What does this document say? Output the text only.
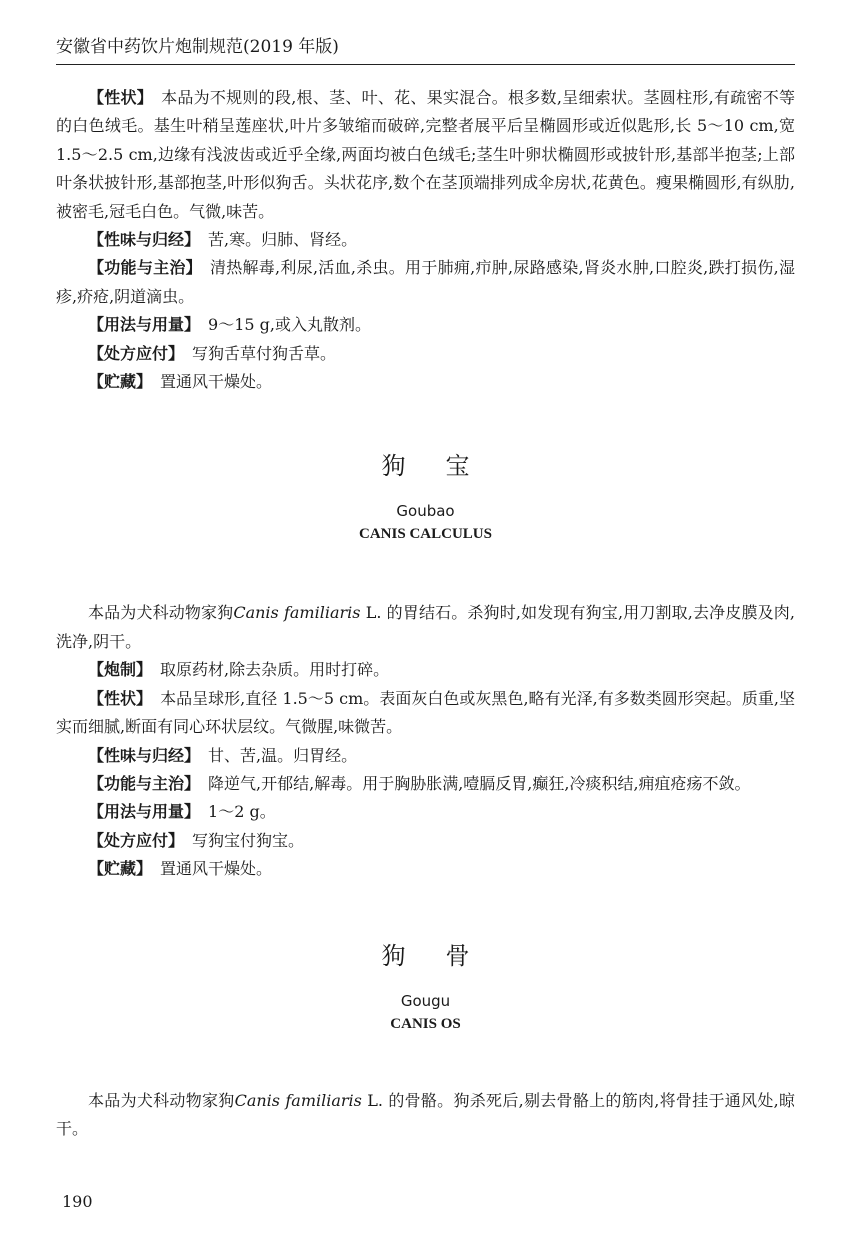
安徽省中药饮片炮制规范(2019 年版)

【性状】 本品为不规则的段,根、茎、叶、花、果实混合。根多数,呈细索状。茎圆柱形,有疏密不等的白色绒毛。基生叶稍呈莲座状,叶片多皱缩而破碎,完整者展平后呈椭圆形或近似匙形,长 5～10 cm,宽 1.5～2.5 cm,边缘有浅波齿或近乎全缘,两面均被白色绒毛;茎生叶卵状椭圆形或披针形,基部半抱茎;上部叶条状披针形,基部抱茎,叶形似狗舌。头状花序,数个在茎顶端排列成伞房状,花黄色。瘦果椭圆形,有纵肋,被密毛,冠毛白色。气微,味苦。

【性味与归经】 苦,寒。归肺、肾经。

【功能与主治】 清热解毒,利尿,活血,杀虫。用于肺痈,疖肿,尿路感染,肾炎水肿,口腔炎,跌打损伤,湿疹,疥疮,阴道滴虫。

【用法与用量】 9～15 g,或入丸散剂。

【处方应付】 写狗舌草付狗舌草。

【贮藏】 置通风干燥处。

狗宝
Goubao
CANIS CALCULUS

本品为犬科动物家狗Canis familiaris L. 的胃结石。杀狗时,如发现有狗宝,用刀割取,去净皮膜及肉,洗净,阴干。

【炮制】 取原药材,除去杂质。用时打碎。

【性状】 本品呈球形,直径 1.5～5 cm。表面灰白色或灰黑色,略有光泽,有多数类圆形突起。质重,坚实而细腻,断面有同心环状层纹。气微腥,味微苦。

【性味与归经】 甘、苦,温。归胃经。

【功能与主治】 降逆气,开郁结,解毒。用于胸胁胀满,噎膈反胃,癫狂,冷痰积结,痈疽疮疡不敛。

【用法与用量】 1～2 g。

【处方应付】 写狗宝付狗宝。

【贮藏】 置通风干燥处。

狗骨
Gougu
CANIS OS

本品为犬科动物家狗Canis familiaris L. 的骨骼。狗杀死后,剔去骨骼上的筋肉,将骨挂于通风处,晾干。

190
